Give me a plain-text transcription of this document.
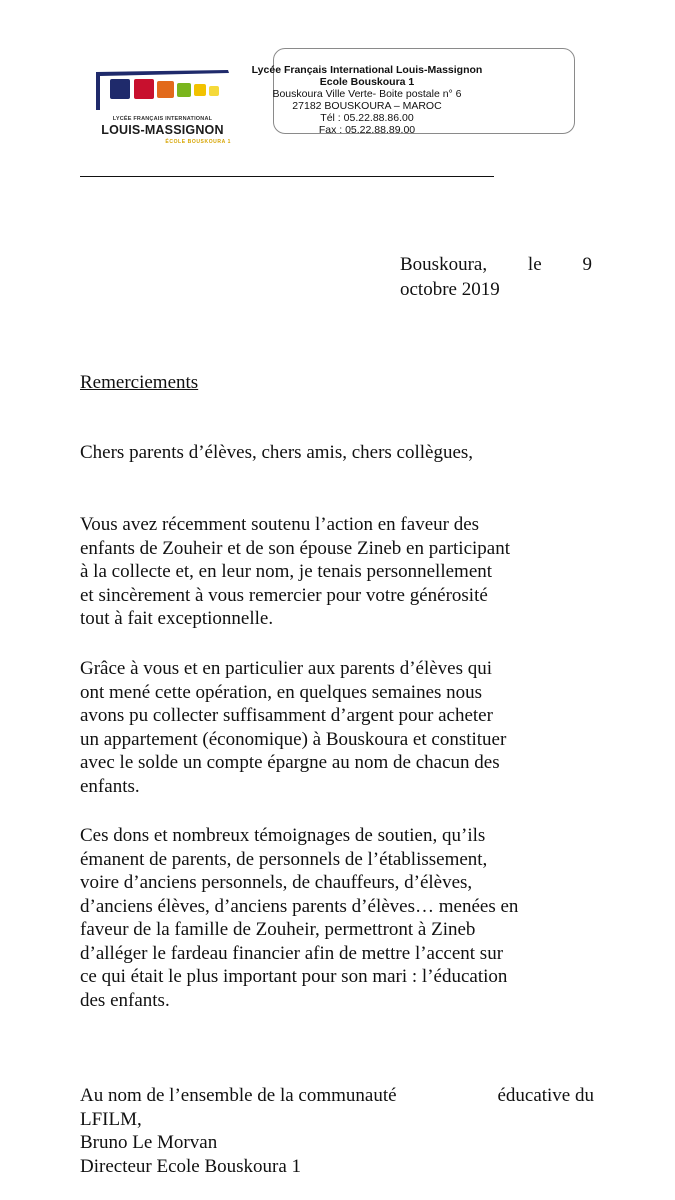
LYCÉE FRANÇAIS INTERNATIONAL
LOUIS-MASSIGNON
ÉCOLE BOUSKOURA 1
Lycée Français International Louis-Massignon
Ecole Bouskoura 1
Bouskoura Ville Verte- Boite postale n° 6
27182 BOUSKOURA – MAROC
Tél : 05.22.88.86.00
Fax : 05.22.88.89.00
Bouskoura, le 9
octobre 2019
Remerciements
Chers parents d’élèves, chers amis, chers collègues,
Vous avez récemment soutenu l’action en faveur des
enfants de Zouheir et de son épouse Zineb en participant
à la collecte et, en leur nom, je tenais personnellement
et sincèrement à vous remercier pour votre générosité
tout à fait exceptionnelle.
Grâce à vous et en particulier aux parents d’élèves qui
ont mené cette opération, en quelques semaines nous
avons pu collecter suffisamment d’argent pour acheter
un appartement (économique) à Bouskoura et constituer
avec le solde un compte épargne au nom de chacun des
enfants.
Ces dons et nombreux témoignages de soutien, qu’ils
émanent de parents, de personnels de l’établissement,
voire d’anciens personnels, de chauffeurs, d’élèves,
d’anciens élèves, d’anciens parents d’élèves… menées en
faveur de la famille de Zouheir, permettront à Zineb
d’alléger le fardeau financier afin de mettre l’accent sur
ce qui était le plus important pour son mari : l’éducation
des enfants.
Au nom de l’ensemble de la communauté	éducative du
LFILM,
Bruno Le Morvan
Directeur Ecole Bouskoura 1
